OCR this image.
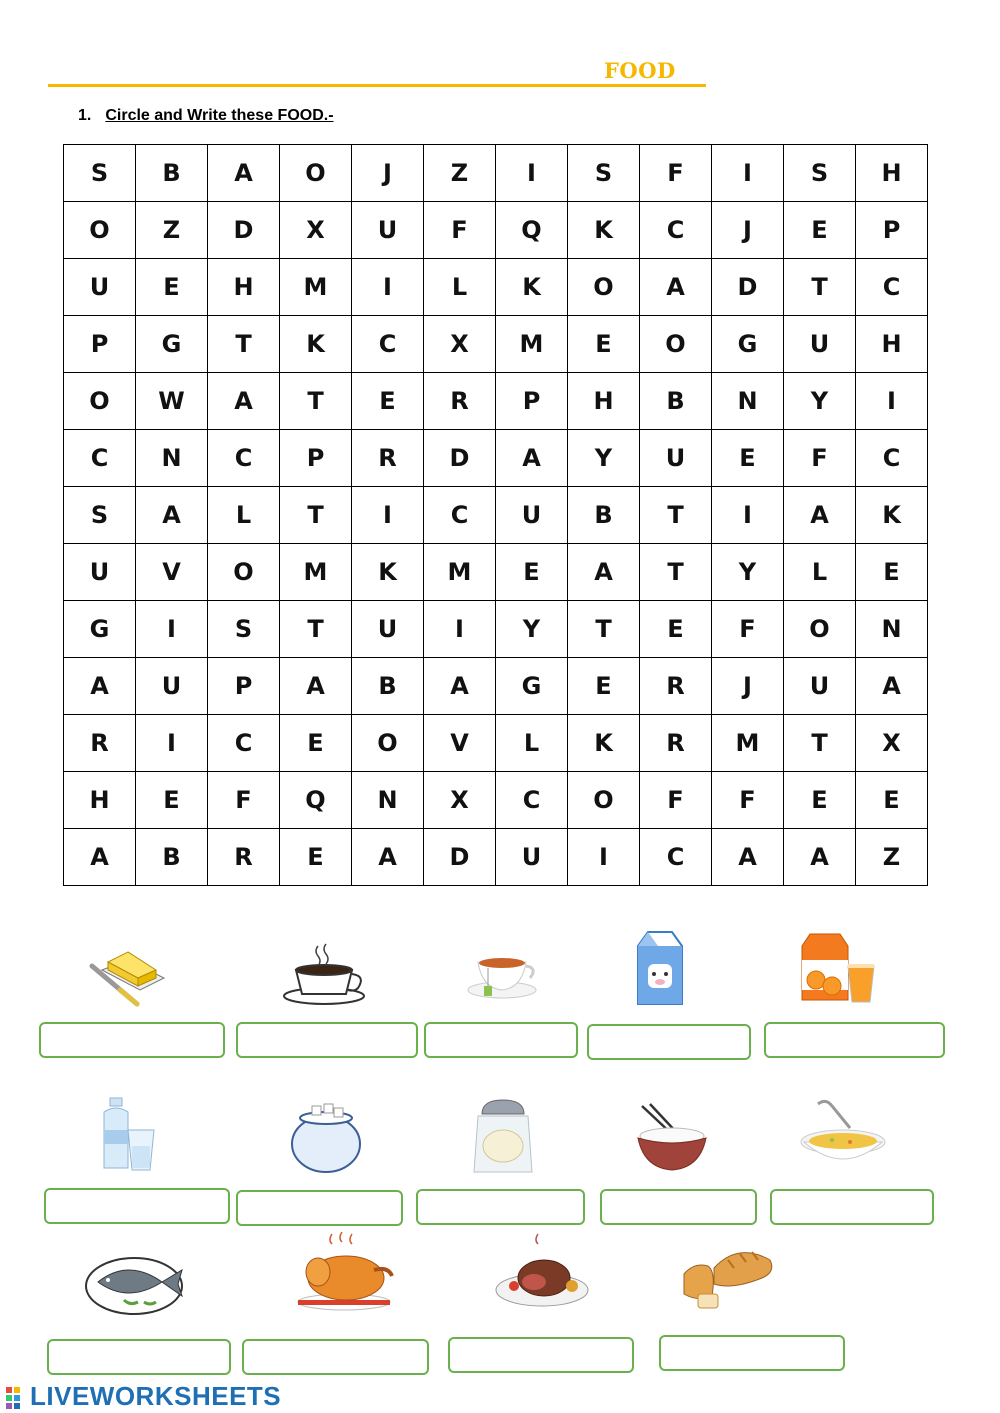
FOOD
1. Circle and Write these FOOD.-
S	B	A	O	J	Z	I	S	F	I	S	H
O	Z	D	X	U	F	Q	K	C	J	E	P
U	E	H	M	I	L	K	O	A	D	T	C
P	G	T	K	C	X	M	E	O	G	U	H
O	W	A	T	E	R	P	H	B	N	Y	I
C	N	C	P	R	D	A	Y	U	E	F	C
S	A	L	T	I	C	U	B	T	I	A	K
U	V	O	M	K	M	E	A	T	Y	L	E
G	I	S	T	U	I	Y	T	E	F	O	N
A	U	P	A	B	A	G	E	R	J	U	A
R	I	C	E	O	V	L	K	R	M	T	X
H	E	F	Q	N	X	C	O	F	F	E	E
A	B	R	E	A	D	U	I	C	A	A	Z
LIVEWORKSHEETS
